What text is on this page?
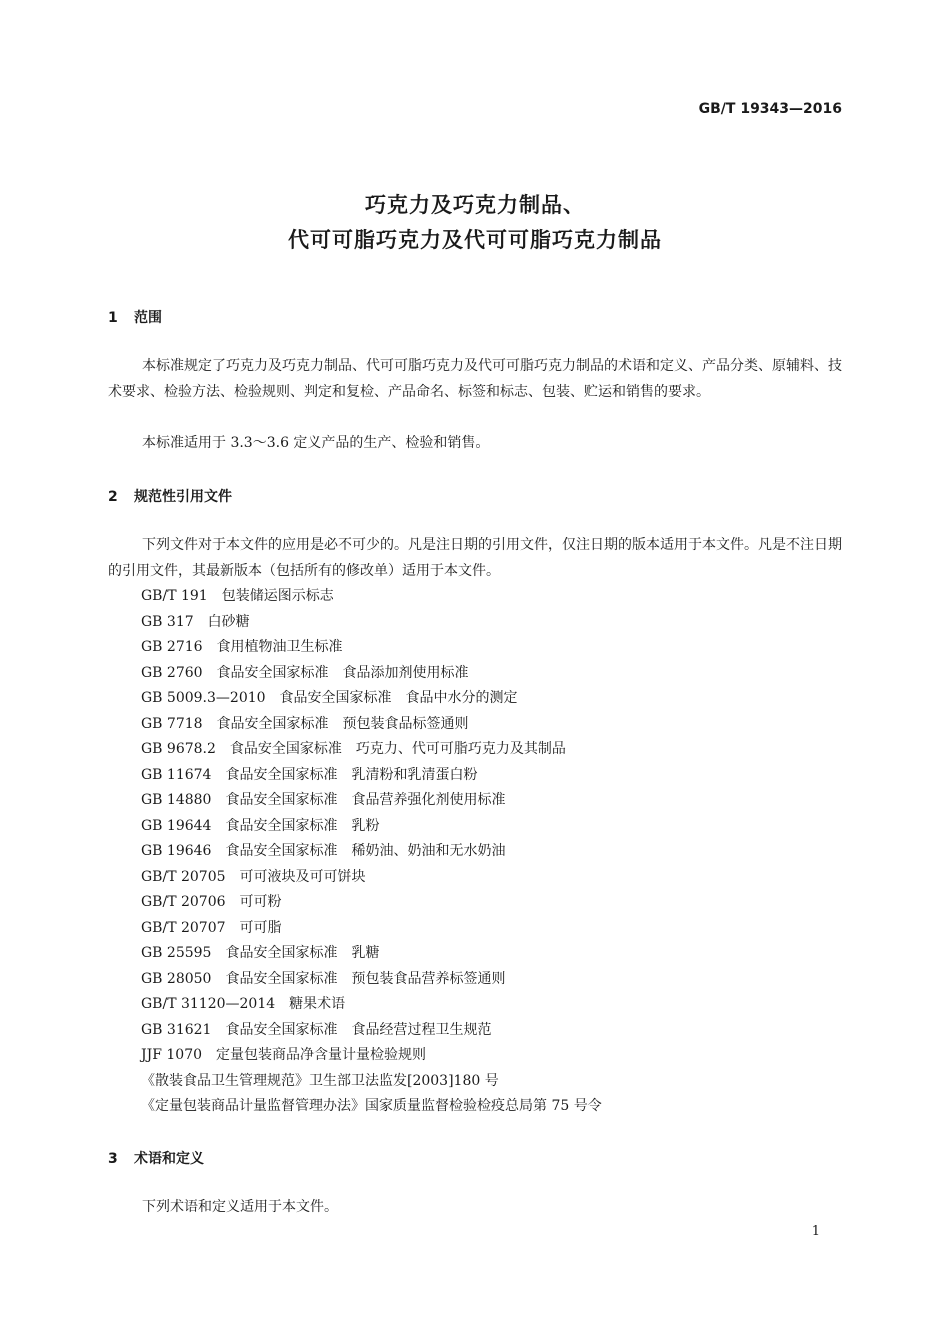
GB/T 19343—2016
巧克力及巧克力制品、
代可可脂巧克力及代可可脂巧克力制品
1 范围

本标准规定了巧克力及巧克力制品、代可可脂巧克力及代可可脂巧克力制品的术语和定义、产品分类、原辅料、技术要求、检验方法、检验规则、判定和复检、产品命名、标签和标志、包装、贮运和销售的要求。

本标准适用于 3.3～3.6 定义产品的生产、检验和销售。

2 规范性引用文件

下列文件对于本文件的应用是必不可少的。凡是注日期的引用文件，仅注日期的版本适用于本文件。凡是不注日期的引用文件，其最新版本（包括所有的修改单）适用于本文件。

GB/T 191 包装储运图示标志
GB 317 白砂糖
GB 2716 食用植物油卫生标准
GB 2760 食品安全国家标准　食品添加剂使用标准
GB 5009.3—2010 食品安全国家标准　食品中水分的测定
GB 7718 食品安全国家标准　预包装食品标签通则
GB 9678.2 食品安全国家标准　巧克力、代可可脂巧克力及其制品
GB 11674 食品安全国家标准　乳清粉和乳清蛋白粉
GB 14880 食品安全国家标准　食品营养强化剂使用标准
GB 19644 食品安全国家标准　乳粉
GB 19646 食品安全国家标准　稀奶油、奶油和无水奶油
GB/T 20705 可可液块及可可饼块
GB/T 20706 可可粉
GB/T 20707 可可脂
GB 25595 食品安全国家标准　乳糖
GB 28050 食品安全国家标准　预包装食品营养标签通则
GB/T 31120—2014 糖果术语
GB 31621 食品安全国家标准　食品经营过程卫生规范
JJF 1070 定量包装商品净含量计量检验规则
《散装食品卫生管理规范》卫生部卫法监发[2003]180 号
《定量包装商品计量监督管理办法》国家质量监督检验检疫总局第 75 号令
3 术语和定义

下列术语和定义适用于本文件。

1
